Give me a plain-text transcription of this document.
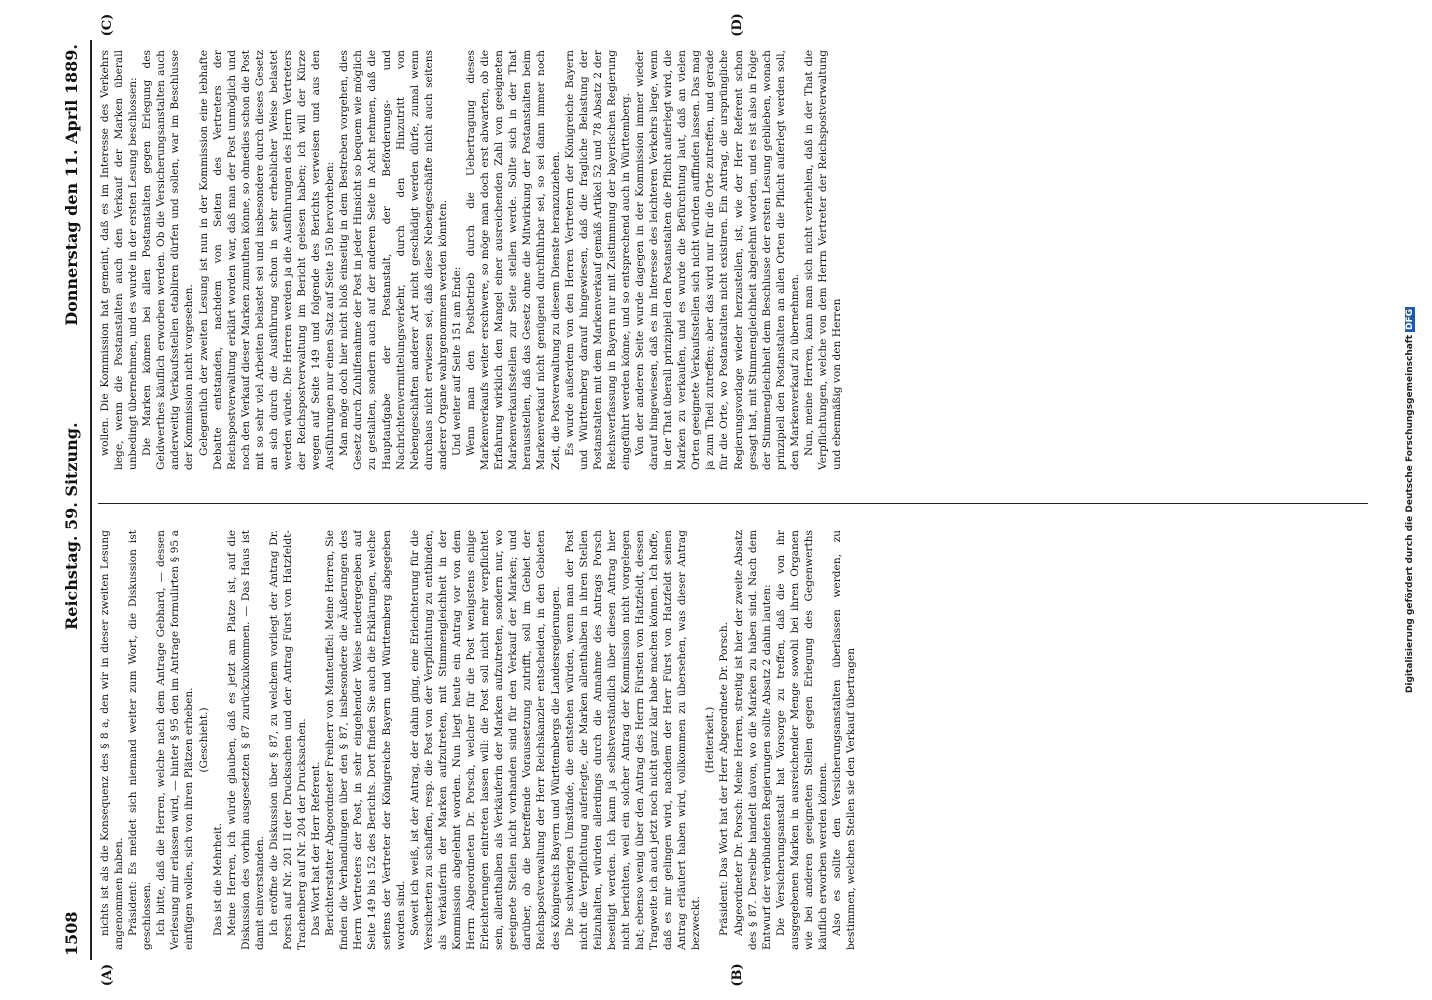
1508
Reichstag. 59. Sitzung.
Donnerstag den 11. April 1889.
(A)	(B)
(C)	(D)

nichts ist als die Konsequenz des § 8 a, den wir in dieser zweiten Lesung angenommen haben. Präsident: Es meldet sich niemand weiter zum Wort, die Diskussion ist geschlossen. Ich bitte, daß die Herren, welche nach dem Antrage Gebhard, — dessen Verlesung mir erlassen wird, — hinter § 95 den im Antrage formulirten § 95 a einfügen wollen, sich von ihren Plätzen erheben. (Geschieht.)

Das ist die Mehrheit. Meine Herren, ich würde glauben, daß es jetzt am Platze ist, auf die Diskussion des vorhin ausgesetzten § 87 zurückzukommen. — Das Haus ist damit einverstanden. Ich eröffne die Diskussion über § 87, zu welchem vorliegt der Antrag Dr. Porsch auf Nr. 201 II der Drucksachen und der Antrag Fürst von Hatzfeldt-Trachenberg auf Nr. 204 der Drucksachen. Das Wort hat der Herr Referent. Berichterstatter Abgeordneter Freiherr von Manteuffel: Meine Herren, Sie finden die Verhandlungen über den § 87, insbesondere die Äußerungen des Herrn Vertreters der Post, in sehr eingehender Weise niedergegeben auf Seite 149 bis 152 des Berichts. Dort finden Sie auch die Erklärungen, welche seitens der Vertreter der Königreiche Bayern und Württemberg abgegeben worden sind. Soweit ich weiß, ist der Antrag, der dahin ging, eine Erleichterung für die Versicherten zu schaffen, resp. die Post von der Verpflichtung zu entbinden, als Verkäuferin der Marken aufzutreten, mit Stimmengleichheit in der Kommission abgelehnt worden. Nun liegt heute ein Antrag vor von dem Herrn Abgeordneten Dr. Porsch, welcher für die Post wenigstens einige Erleichterungen eintreten lassen will: die Post soll nicht mehr verpflichtet sein, allenthalben als Verkäuferin der Marken aufzutreten, sondern nur, wo geeignete Stellen nicht vorhanden sind für den Verkauf der Marken; und darüber, ob die betreffende Voraussetzung zutrifft, soll im Gebiet der Reichspostverwaltung der Herr Reichskanzler entscheiden, in den Gebieten des Königreichs Bayern und Württembergs die Landesregierungen. Die schwierigen Umstände, die entstehen würden, wenn man der Post nicht die Verpflichtung auferlegte, die Marken allenthalben in ihren Stellen feilzuhalten, würden allerdings durch die Annahme des Antrags Porsch beseitigt werden. Ich kann ja selbstverständlich über diesen Antrag hier nicht berichten, weil ein solcher Antrag der Kommission nicht vorgelegen hat; ebenso wenig über den Antrag des Herrn Fürsten von Hatzfeldt, dessen Tragweite ich auch jetzt noch nicht ganz klar habe machen können. Ich hoffe, daß es mir gelingen wird, nachdem der Herr Fürst von Hatzfeldt seinen Antrag erläutert haben wird, vollkommen zu übersehen, was dieser Antrag bezweckt.

(Heiterkeit.) Präsident: Das Wort hat der Herr Abgeordnete Dr. Porsch. Abgeordneter Dr. Porsch: Meine Herren, streitig ist hier der zweite Absatz des § 87. Derselbe handelt davon, wo die Marken zu haben sind. Nach dem Entwurf der verbündeten Regierungen sollte Absatz 2 dahin lauten: Die Versicherungsanstalt hat Vorsorge zu treffen, daß die von ihr ausgegebenen Marken in ausreichender Menge sowohl bei ihren Organen wie bei anderen geeigneten Stellen gegen Erlegung des Gegenwerths käuflich erworben werden können. Also es sollte den Versicherungsanstalten überlassen werden, zu bestimmen, welchen Stellen sie den Verkauf übertragen

wollen. Die Kommission hat gemeint, daß es im Interesse des Verkehrs liege, wenn die Postanstalten auch den Verkauf der Marken überall unbedingt übernehmen, und es wurde in der ersten Lesung beschlossen: Die Marken können bei allen Postanstalten gegen Erlegung des Geldwerthes käuflich erworben werden. Ob die Versicherungsanstalten auch anderweitig Verkaufsstellen etabliren dürfen und sollen, war im Beschlusse der Kommission nicht vorgesehen. Gelegentlich der zweiten Lesung ist nun in der Kommission eine lebhafte Debatte entstanden, nachdem von Seiten des Vertreters der Reichspostverwaltung erklärt worden war, daß man der Post unmöglich und noch den Verkauf dieser Marken zumuthen könne, so ohnedies schon die Post mit so sehr viel Arbeiten belastet sei und insbesondere durch dieses Gesetz an sich durch die Ausführung schon in sehr erheblicher Weise belastet werden würde. Die Herren werden ja die Ausführungen des Herrn Vertreters der Reichspostverwaltung im Bericht gelesen haben; ich will der Kürze wegen auf Seite 149 und folgende des Berichts verweisen und aus den Ausführungen nur einen Satz auf Seite 150 hervorheben: Man möge doch hier nicht bloß einseitig in dem Bestreben vorgehen, dies Gesetz durch Zuhilfenahme der Post in jeder Hinsicht so bequem wie möglich zu gestalten, sondern auch auf der anderen Seite in Acht nehmen, daß die Hauptaufgabe der Postanstalt, der Beförderungs- und Nachrichtenvermittelungsverkehr, durch den Hinzutritt von Nebengeschäften anderer Art nicht geschädigt werden dürfe, zumal wenn durchaus nicht erwiesen sei, daß diese Nebengeschäfte nicht auch seitens anderer Organe wahrgenommen werden könnten. Und weiter auf Seite 151 am Ende: Wenn man den Postbetrieb durch die Uebertragung dieses Markenverkaufs weiter erschwere, so möge man doch erst abwarten, ob die Erfahrung wirklich den Mangel einer ausreichenden Zahl von geeigneten Markenverkaufsstellen zur Seite stellen werde. Sollte sich in der That herausstellen, daß das Gesetz ohne die Mitwirkung der Postanstalten beim Markenverkauf nicht genügend durchführbar sei, so sei dann immer noch Zeit, die Postverwaltung zu diesem Dienste heranzuziehen. Es wurde außerdem von den Herren Vertretern der Königreiche Bayern und Württemberg darauf hingewiesen, daß die fragliche Belastung der Postanstalten mit dem Markenverkauf gemäß Artikel 52 und 78 Absatz 2 der Reichsverfassung in Bayern nur mit Zustimmung der bayerischen Regierung eingeführt werden könne, und so entsprechend auch in Württemberg. Von der anderen Seite wurde dagegen in der Kommission immer wieder darauf hingewiesen, daß es im Interesse des leichteren Verkehrs liege, wenn in der That überall prinzipiell den Postanstalten die Pflicht auferlegt wird, die Marken zu verkaufen, und es wurde die Befürchtung laut, daß an vielen Orten geeignete Verkaufsstellen sich nicht würden auffinden lassen. Das mag ja zum Theil zutreffen; aber das wird nur für die Orte zutreffen, und gerade für die Orte, wo Postanstalten nicht existiren. Ein Antrag, die ursprüngliche Regierungsvorlage wieder herzustellen, ist, wie der Herr Referent schon gesagt hat, mit Stimmengleichheit abgelehnt worden, und es ist also in Folge der Stimmengleichheit dem Beschlusse der ersten Lesung geblieben, wonach prinzipiell den Postanstalten an allen Orten die Pflicht auferlegt werden soll, den Markenverkauf zu übernehmen. Nun, meine Herren, kann man sich nicht verhehlen, daß in der That die Verpflichtungen, welche von dem Herrn Vertreter der Reichspostverwaltung und ebenmäßig von den Herren	Digitalisierung gefördert durch die Deutsche ForschungsgemeinschaftDFG
